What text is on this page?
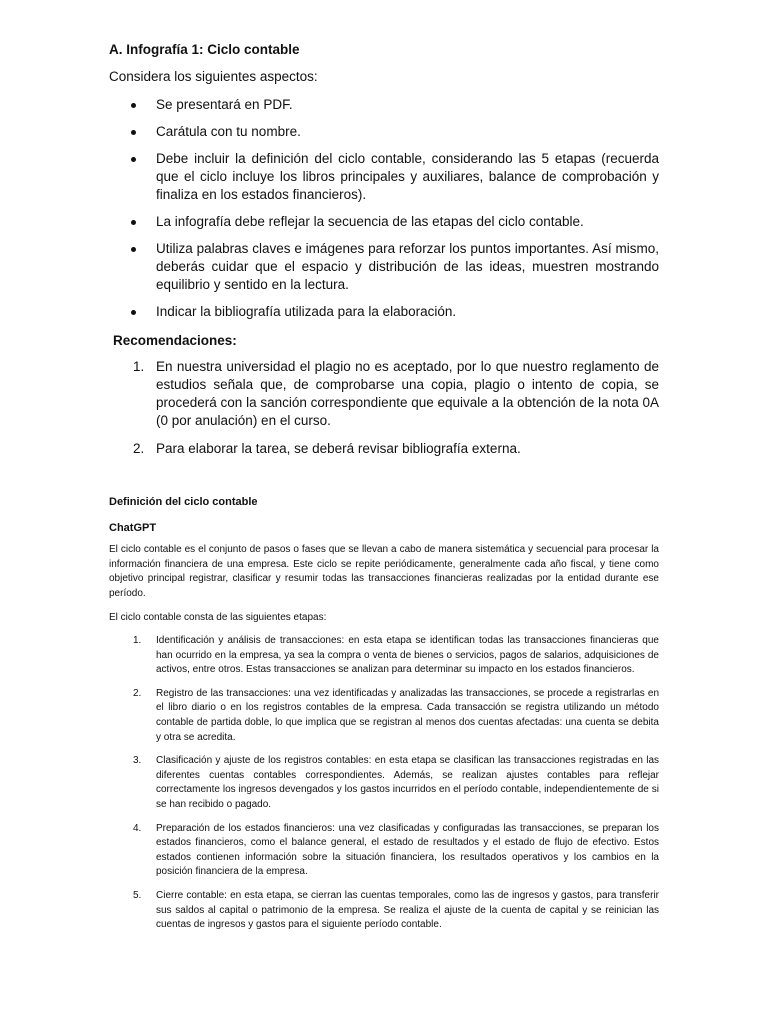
A. Infografía 1: Ciclo contable
Considera los siguientes aspectos:
Se presentará en PDF.
Carátula con tu nombre.
Debe incluir la definición del ciclo contable, considerando las 5 etapas (recuerda que el ciclo incluye los libros principales y auxiliares, balance de comprobación y finaliza en los estados financieros).
La infografía debe reflejar la secuencia de las etapas del ciclo contable.
Utiliza palabras claves e imágenes para reforzar los puntos importantes. Así mismo, deberás cuidar que el espacio y distribución de las ideas, muestren mostrando equilibrio y sentido en la lectura.
Indicar la bibliografía utilizada para la elaboración.
Recomendaciones:
1. En nuestra universidad el plagio no es aceptado, por lo que nuestro reglamento de estudios señala que, de comprobarse una copia, plagio o intento de copia, se procederá con la sanción correspondiente que equivale a la obtención de la nota 0A (0 por anulación) en el curso.
2. Para elaborar la tarea, se deberá revisar bibliografía externa.
Definición del ciclo contable
ChatGPT
El ciclo contable es el conjunto de pasos o fases que se llevan a cabo de manera sistemática y secuencial para procesar la información financiera de una empresa. Este ciclo se repite periódicamente, generalmente cada año fiscal, y tiene como objetivo principal registrar, clasificar y resumir todas las transacciones financieras realizadas por la entidad durante ese período.
El ciclo contable consta de las siguientes etapas:
1. Identificación y análisis de transacciones: en esta etapa se identifican todas las transacciones financieras que han ocurrido en la empresa, ya sea la compra o venta de bienes o servicios, pagos de salarios, adquisiciones de activos, entre otros. Estas transacciones se analizan para determinar su impacto en los estados financieros.
2. Registro de las transacciones: una vez identificadas y analizadas las transacciones, se procede a registrarlas en el libro diario o en los registros contables de la empresa. Cada transacción se registra utilizando un método contable de partida doble, lo que implica que se registran al menos dos cuentas afectadas: una cuenta se debita y otra se acredita.
3. Clasificación y ajuste de los registros contables: en esta etapa se clasifican las transacciones registradas en las diferentes cuentas contables correspondientes. Además, se realizan ajustes contables para reflejar correctamente los ingresos devengados y los gastos incurridos en el período contable, independientemente de si se han recibido o pagado.
4. Preparación de los estados financieros: una vez clasificadas y configuradas las transacciones, se preparan los estados financieros, como el balance general, el estado de resultados y el estado de flujo de efectivo. Estos estados contienen información sobre la situación financiera, los resultados operativos y los cambios en la posición financiera de la empresa.
5. Cierre contable: en esta etapa, se cierran las cuentas temporales, como las de ingresos y gastos, para transferir sus saldos al capital o patrimonio de la empresa. Se realiza el ajuste de la cuenta de capital y se reinician las cuentas de ingresos y gastos para el siguiente período contable.
